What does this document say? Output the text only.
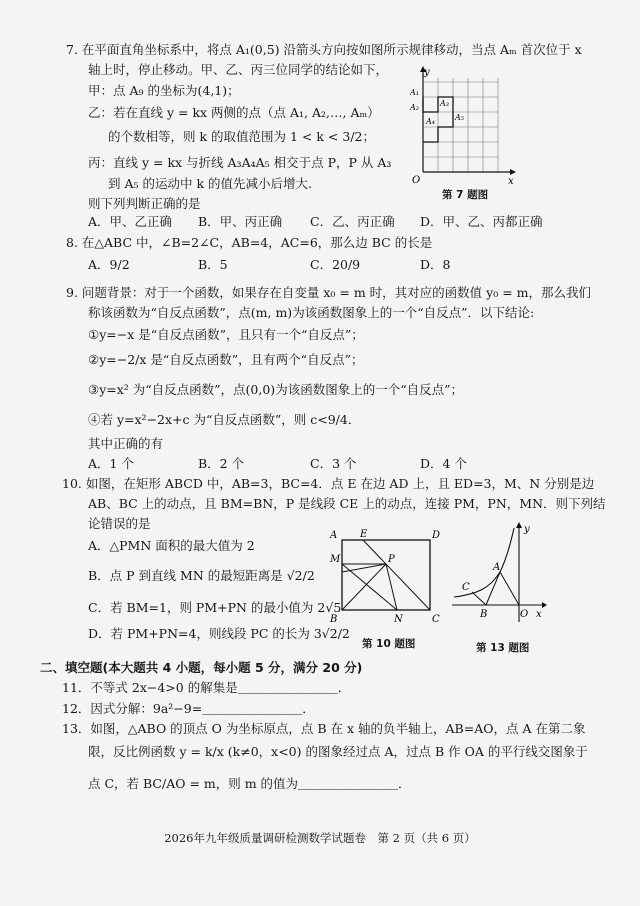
7. 在平面直角坐标系中，将点 A₁(0,5) 沿箭头方向按如图所示规律移动，当点 Aₘ 首次位于 x
轴上时，停止移动。甲、乙、丙三位同学的结论如下，
甲：点 A₉ 的坐标为(4,1)；
乙：若在直线 y = kx 两侧的点（点 A₁, A₂,…, Aₘ）
的个数相等，则 k 的取值范围为 1 < k < 3/2；
丙：直线 y = kx 与折线 A₃A₄A₅ 相交于点 P，P 从 A₃
到 A₅ 的运动中 k 的值先减小后增大.
则下列判断正确的是
A．甲、乙正确 B．甲、丙正确 C．乙、丙正确 D．甲、乙、丙都正确
y
x
O
A₁
A₂	A₃
A₄	A₅
第 7 题图
8. 在△ABC 中，∠B=2∠C，AB=4，AC=6，那么边 BC 的长是
A．9/2	B．5	C．20/9	D．8
9. 问题背景：对于一个函数，如果存在自变量 x₀ = m 时，其对应的函数值 y₀ = m，那么我们
称该函数为“自反点函数”，点(m, m)为该函数图象上的一个“自反点”．以下结论:
①y=−x 是“自反点函数”，且只有一个“自反点”；
②y=−2/x 是“自反点函数”，且有两个“自反点”；
③y=x² 为“自反点函数”，点(0,0)为该函数图象上的一个“自反点”；
④若 y=x²−2x+c 为“自反点函数”，则 c<9/4．
其中正确的有
A．1 个	B．2 个	C．3 个	D．4 个
10. 如图，在矩形 ABCD 中，AB=3，BC=4．点 E 在边 AD 上，且 ED=3，M、N 分别是边
AB、BC 上的动点，且 BM=BN，P 是线段 CE 上的动点，连接 PM，PN，MN．则下列结
论错误的是
A．△PMN 面积的最大值为 2
B．点 P 到直线 MN 的最短距离是 √2/2
C．若 BM=1，则 PM+PN 的最小值为 2√5
D．若 PM+PN=4，则线段 PC 的长为 3√2/2
A E	D
M	P
B	N	C
第 10 题图
A
B
C
O x
y
第 13 题图
二、填空题(本大题共 4 小题，每小题 5 分，满分 20 分)
11．不等式 2x−4>0 的解集是＿＿＿＿＿＿＿＿．
12．因式分解：9a²−9=＿＿＿＿＿＿＿＿．
13．如图，△ABO 的顶点 O 为坐标原点，点 B 在 x 轴的负半轴上，AB=AO，点 A 在第二象
限，反比例函数 y = k/x (k≠0，x<0) 的图象经过点 A，过点 B 作 OA 的平行线交图象于
点 C，若 BC/AO = m，则 m 的值为＿＿＿＿＿＿＿＿．
2026年九年级质量调研检测数学试题卷　第 2 页（共 6 页）
